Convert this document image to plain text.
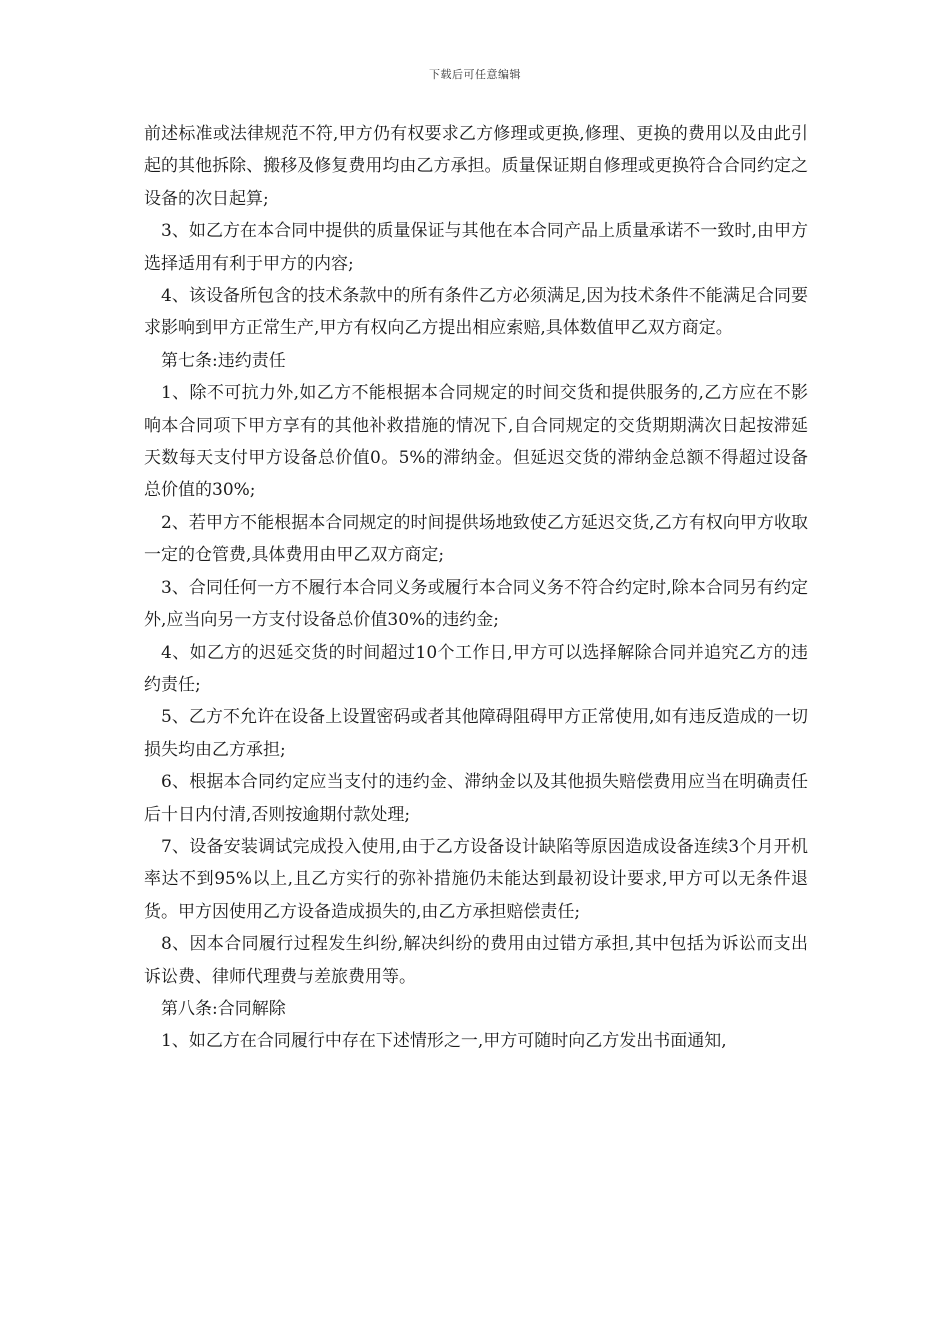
下载后可任意编辑

前述标准或法律规范不符,甲方仍有权要求乙方修理或更换,修理、更换的费用以及由此引起的其他拆除、搬移及修复费用均由乙方承担。质量保证期自修理或更换符合合同约定之设备的次日起算;

3、如乙方在本合同中提供的质量保证与其他在本合同产品上质量承诺不一致时,由甲方选择适用有利于甲方的内容;

4、该设备所包含的技术条款中的所有条件乙方必须满足,因为技术条件不能满足合同要求影响到甲方正常生产,甲方有权向乙方提出相应索赔,具体数值甲乙双方商定。

第七条:违约责任

1、除不可抗力外,如乙方不能根据本合同规定的时间交货和提供服务的,乙方应在不影响本合同项下甲方享有的其他补救措施的情况下,自合同规定的交货期期满次日起按滞延天数每天支付甲方设备总价值0。5%的滞纳金。但延迟交货的滞纳金总额不得超过设备总价值的30%;

2、若甲方不能根据本合同规定的时间提供场地致使乙方延迟交货,乙方有权向甲方收取一定的仓管费,具体费用由甲乙双方商定;

3、合同任何一方不履行本合同义务或履行本合同义务不符合约定时,除本合同另有约定外,应当向另一方支付设备总价值30%的违约金;

4、如乙方的迟延交货的时间超过10个工作日,甲方可以选择解除合同并追究乙方的违约责任;

5、乙方不允许在设备上设置密码或者其他障碍阻碍甲方正常使用,如有违反造成的一切损失均由乙方承担;

6、根据本合同约定应当支付的违约金、滞纳金以及其他损失赔偿费用应当在明确责任后十日内付清,否则按逾期付款处理;

7、设备安装调试完成投入使用,由于乙方设备设计缺陷等原因造成设备连续3个月开机率达不到95%以上,且乙方实行的弥补措施仍未能达到最初设计要求,甲方可以无条件退货。甲方因使用乙方设备造成损失的,由乙方承担赔偿责任;

8、因本合同履行过程发生纠纷,解决纠纷的费用由过错方承担,其中包括为诉讼而支出诉讼费、律师代理费与差旅费用等。

第八条:合同解除

1、如乙方在合同履行中存在下述情形之一,甲方可随时向乙方发出书面通知,
